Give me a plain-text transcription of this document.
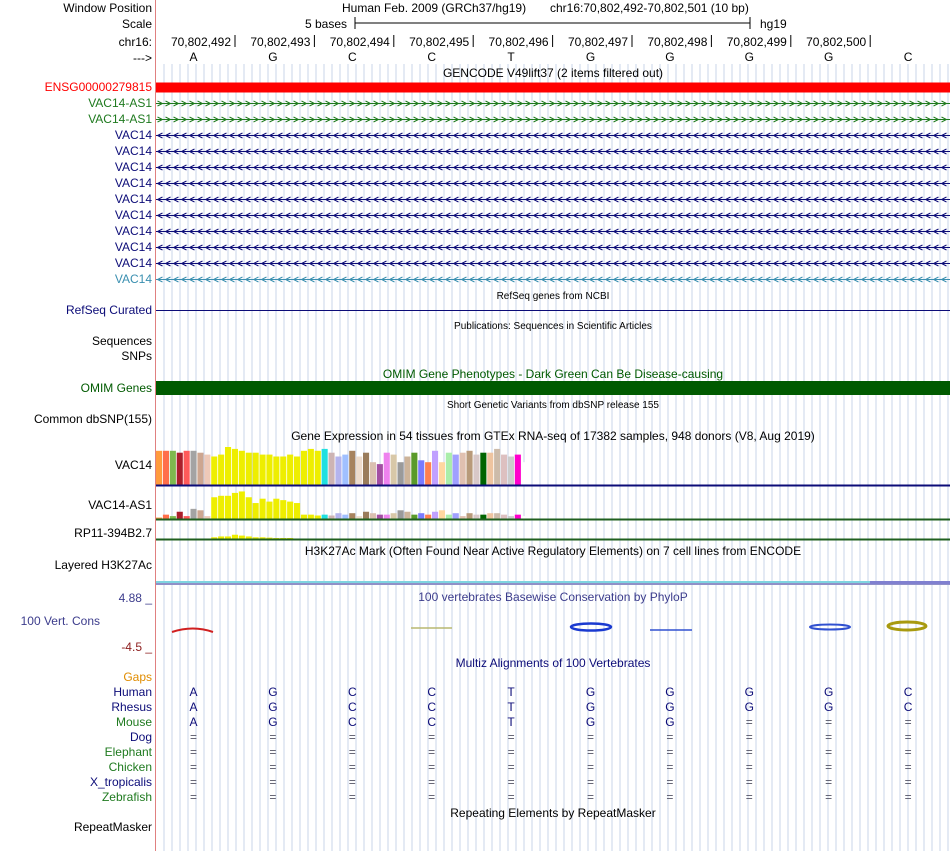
Window Position
Scale
chr16:
--->
Human Feb. 2009 (GRCh37/hg19) chr16:70,802,492-70,802,501 (10 bp)
5 bases	hg19
70,802,492 70,802,493 70,802,494 70,802,495 70,802,496 70,802,497 70,802,498 70,802,499 70,802,500
A	G	C	C	T	G	G	G	G	C
GENCODE V49lift37 (2 items filtered out)
ENSG00000279815
VAC14-AS1
VAC14-AS1
VAC14
VAC14
VAC14
VAC14
VAC14
VAC14
VAC14
VAC14
VAC14
VAC14
RefSeq genes from NCBI
RefSeq Curated
Publications: Sequences in Scientific Articles
Sequences
SNPs
OMIM Gene Phenotypes - Dark Green Can Be Disease-causing
OMIM Genes
Short Genetic Variants from dbSNP release 155
Common dbSNP(155)
Gene Expression in 54 tissues from GTEx RNA-seq of 17382 samples, 948 donors (V8, Aug 2019)
VAC14
VAC14-AS1
RP11-394B2.7
H3K27Ac Mark (Often Found Near Active Regulatory Elements) on 7 cell lines from ENCODE
Layered H3K27Ac
4.88 _	100 vertebrates Basewise Conservation by PhyloP
100 Vert. Cons
-4.5 _
Multiz Alignments of 100 Vertebrates
Gaps
Human	A	G	C	C	T	G	G	G	G	C
Rhesus	A	G	C	C	T	G	G	G	G	C
Mouse	A	G	C	C	T	G	G	=	=	=
Dog	=	=	=	=	=	=	=	=	=	=
Elephant	=	=	=	=	=	=	=	=	=	=
Chicken	=	=	=	=	=	=	=	=	=	=
X_tropicalis	=	=	=	=	=	=	=	=	=	=
Zebrafish	=	=	=	=	=	=	=	=	=	=
Repeating Elements by RepeatMasker
RepeatMasker
